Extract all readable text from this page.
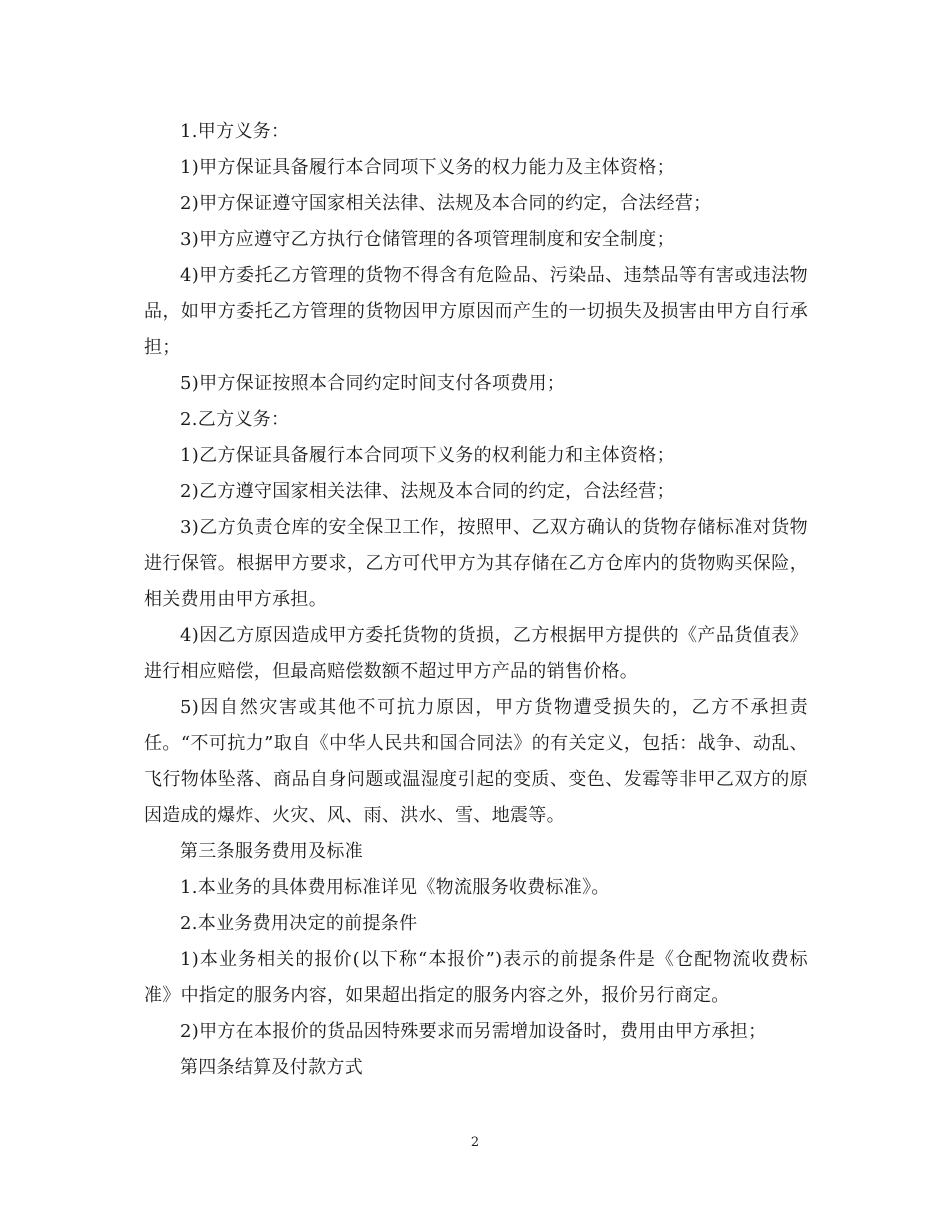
1.甲方义务：

1)甲方保证具备履行本合同项下义务的权力能力及主体资格；

2)甲方保证遵守国家相关法律、法规及本合同的约定，合法经营；

3)甲方应遵守乙方执行仓储管理的各项管理制度和安全制度；

4)甲方委托乙方管理的货物不得含有危险品、污染品、违禁品等有害或违法物品，如甲方委托乙方管理的货物因甲方原因而产生的一切损失及损害由甲方自行承担；

5)甲方保证按照本合同约定时间支付各项费用；

2.乙方义务：

1)乙方保证具备履行本合同项下义务的权利能力和主体资格；

2)乙方遵守国家相关法律、法规及本合同的约定，合法经营；

3)乙方负责仓库的安全保卫工作，按照甲、乙双方确认的货物存储标准对货物进行保管。根据甲方要求，乙方可代甲方为其存储在乙方仓库内的货物购买保险，相关费用由甲方承担。

4)因乙方原因造成甲方委托货物的货损，乙方根据甲方提供的《产品货值表》进行相应赔偿，但最高赔偿数额不超过甲方产品的销售价格。

5)因自然灾害或其他不可抗力原因，甲方货物遭受损失的，乙方不承担责任。“不可抗力”取自《中华人民共和国合同法》的有关定义，包括：战争、动乱、飞行物体坠落、商品自身问题或温湿度引起的变质、变色、发霉等非甲乙双方的原因造成的爆炸、火灾、风、雨、洪水、雪、地震等。

第三条服务费用及标准

1.本业务的具体费用标准详见《物流服务收费标准》。

2.本业务费用决定的前提条件

1)本业务相关的报价(以下称“本报价”)表示的前提条件是《仓配物流收费标准》中指定的服务内容，如果超出指定的服务内容之外，报价另行商定。

2)甲方在本报价的货品因特殊要求而另需增加设备时，费用由甲方承担；

第四条结算及付款方式

2
